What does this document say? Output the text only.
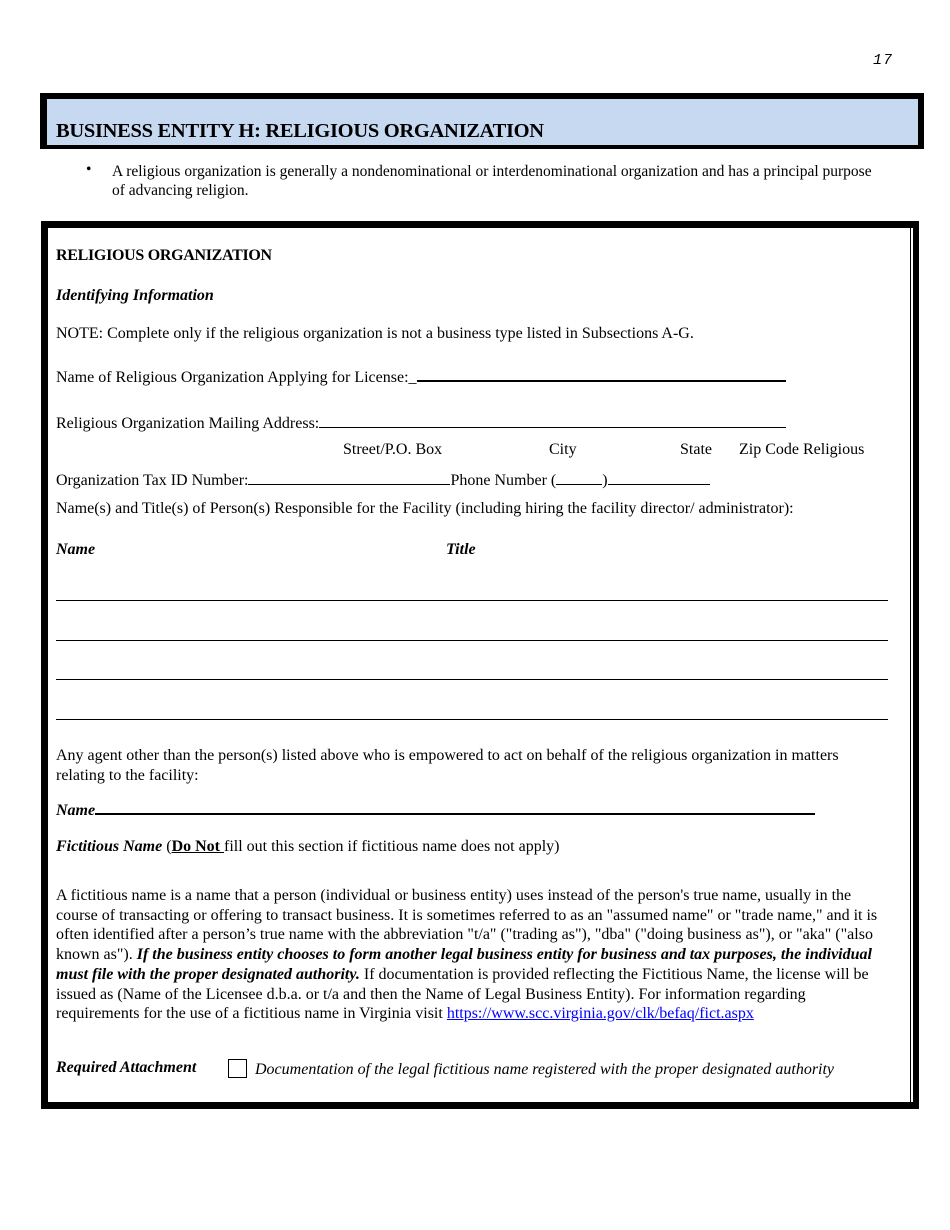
17
BUSINESS ENTITY H: RELIGIOUS ORGANIZATION
• A religious organization is generally a nondenominational or interdenominational organization and has a principal purpose of advancing religion.
RELIGIOUS ORGANIZATION
Identifying Information
NOTE: Complete only if the religious organization is not a business type listed in Subsections A-G.
Name of Religious Organization Applying for License:_
Religious Organization Mailing Address:
Street/P.O. Box	City	State Zip Code Religious
Organization Tax ID Number:	Phone Number (	)
Name(s) and Title(s) of Person(s) Responsible for the Facility (including hiring the facility director/ administrator):
Name	Title
Any agent other than the person(s) listed above who is empowered to act on behalf of the religious organization in matters relating to the facility:
Name
Fictitious Name (Do Not fill out this section if fictitious name does not apply)
A fictitious name is a name that a person (individual or business entity) uses instead of the person's true name, usually in the course of transacting or offering to transact business. It is sometimes referred to as an "assumed name" or "trade name," and it is often identified after a person’s true name with the abbreviation "t/a" ("trading as"), "dba" ("doing business as"), or "aka" ("also known as"). If the business entity chooses to form another legal business entity for business and tax purposes, the individual must file with the proper designated authority. If documentation is provided reflecting the Fictitious Name, the license will be issued as (Name of the Licensee d.b.a. or t/a and then the Name of Legal Business Entity). For information regarding requirements for the use of a fictitious name in Virginia visit https://www.scc.virginia.gov/clk/befaq/fict.aspx
Required Attachment	Documentation of the legal fictitious name registered with the proper designated authority
